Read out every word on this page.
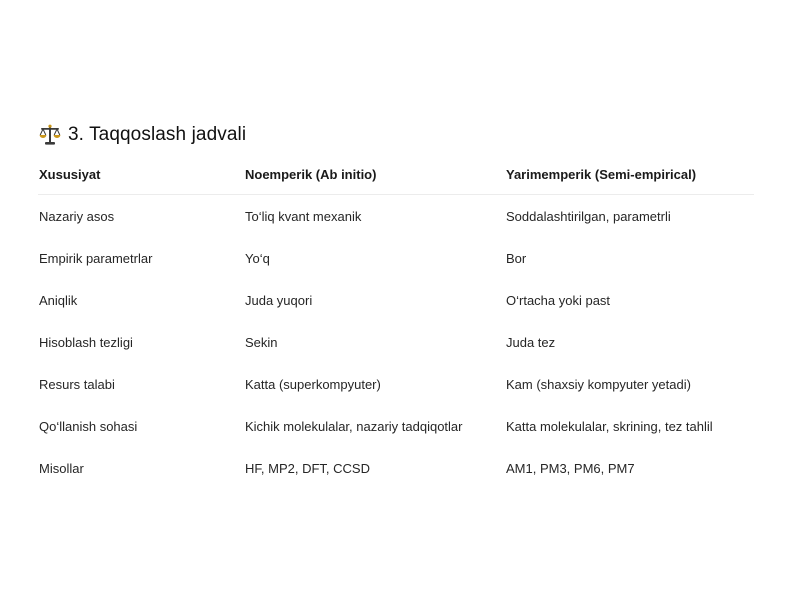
3. Taqqoslash jadvali
Xususiyat	Noemperik (Ab initio)	Yarimemperik (Semi-empirical)
Nazariy asos	To‘liq kvant mexanik	Soddalashtirilgan, parametrli
Empirik parametrlar	Yo‘q	Bor
Aniqlik	Juda yuqori	O‘rtacha yoki past
Hisoblash tezligi	Sekin	Juda tez
Resurs talabi	Katta (superkompyuter)	Kam (shaxsiy kompyuter yetadi)
Qo‘llanish sohasi	Kichik molekulalar, nazariy tadqiqotlar	Katta molekulalar, skrining, tez tahlil
Misollar	HF, MP2, DFT, CCSD	AM1, PM3, PM6, PM7
